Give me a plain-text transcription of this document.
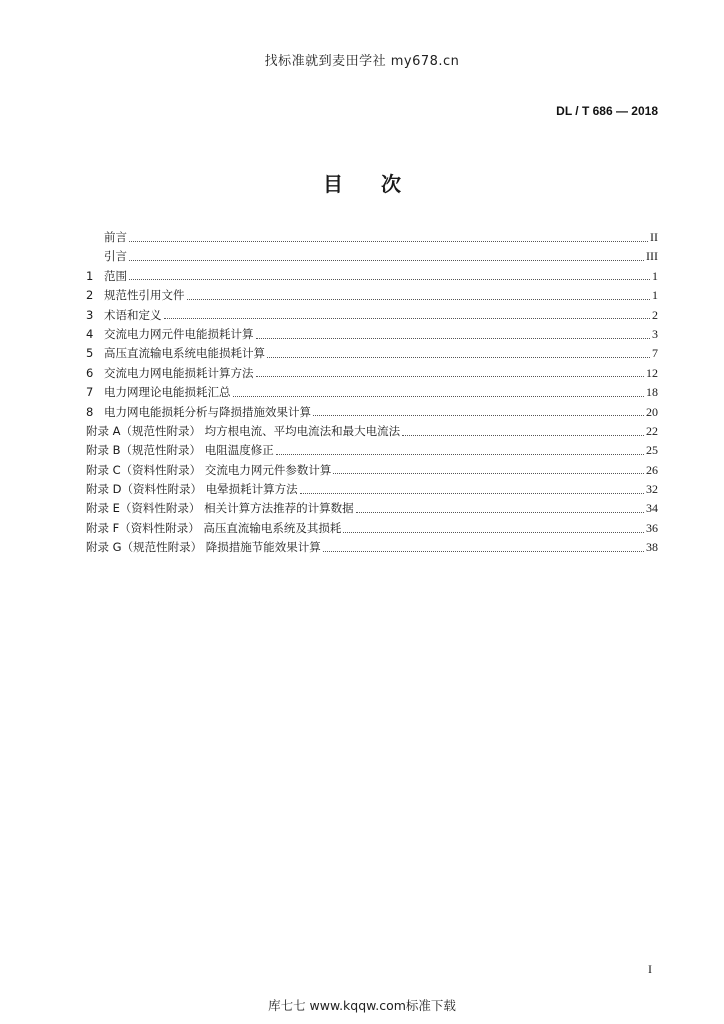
找标准就到麦田学社 my678.cn
DL / T 686 — 2018
目次
前言	II
引言	III
1 范围	1
2 规范性引用文件	1
3 术语和定义	2
4 交流电力网元件电能损耗计算	3
5 高压直流输电系统电能损耗计算	7
6 交流电力网电能损耗计算方法	12
7 电力网理论电能损耗汇总	18
8 电力网电能损耗分析与降损措施效果计算	20
附录 A（规范性附录） 均方根电流、平均电流法和最大电流法	22
附录 B（规范性附录） 电阻温度修正	25
附录 C（资料性附录） 交流电力网元件参数计算	26
附录 D（资料性附录） 电晕损耗计算方法	32
附录 E（资料性附录） 相关计算方法推荐的计算数据	34
附录 F（资料性附录） 高压直流输电系统及其损耗	36
附录 G（规范性附录） 降损措施节能效果计算	38
I
库七七 www.kqqw.com标准下载
